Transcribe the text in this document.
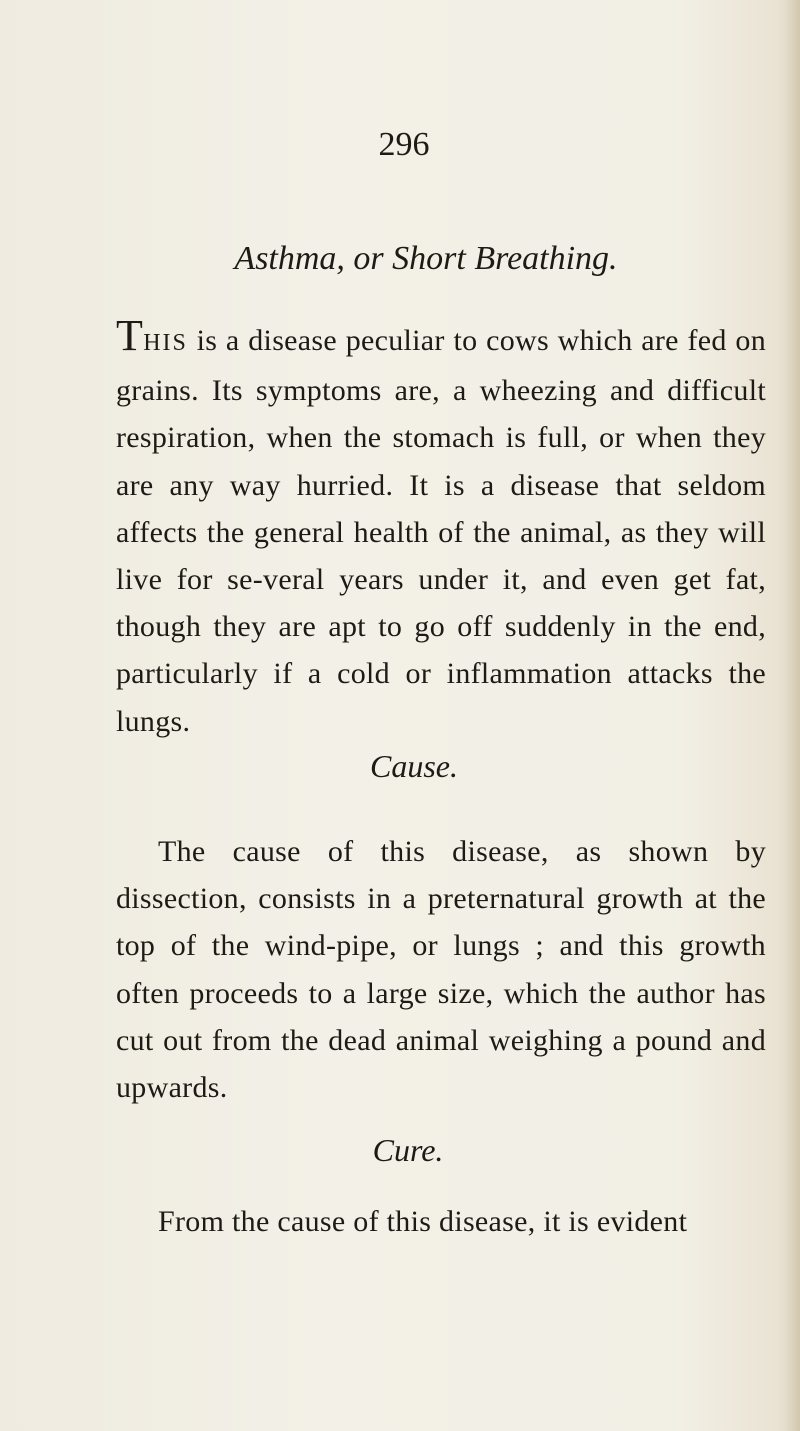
296
Asthma, or Short Breathing.

THIS is a disease peculiar to cows which are fed on grains. Its symptoms are, a wheezing and difficult respiration, when the stomach is full, or when they are any way hurried. It is a disease that seldom affects the general health of the animal, as they will live for se-veral years under it, and even get fat, though they are apt to go off suddenly in the end, particularly if a cold or inflammation attacks the lungs.

Cause.

The cause of this disease, as shown by dissection, consists in a preternatural growth at the top of the wind-pipe, or lungs ; and this growth often proceeds to a large size, which the author has cut out from the dead animal weighing a pound and upwards.

Cure.

From the cause of this disease, it is evident
